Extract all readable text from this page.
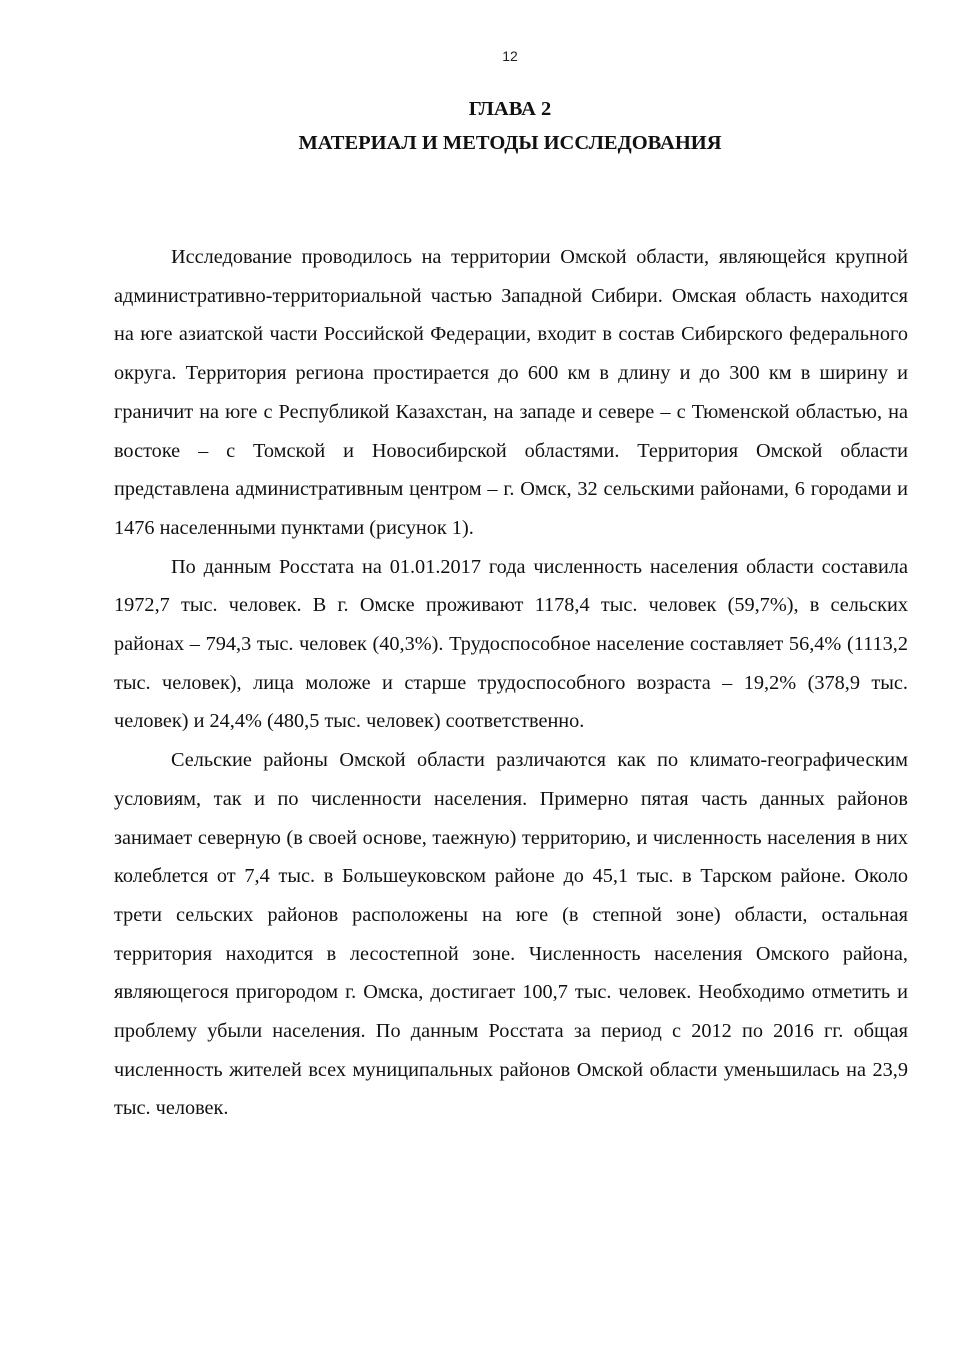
12
ГЛАВА 2
МАТЕРИАЛ И МЕТОДЫ ИССЛЕДОВАНИЯ

Исследование проводилось на территории Омской области, являющейся крупной административно-территориальной частью Западной Сибири. Омская область находится на юге азиатской части Российской Федерации, входит в состав Сибирского федерального округа. Территория региона простирается до 600 км в длину и до 300 км в ширину и граничит на юге с Республикой Казахстан, на западе и севере – с Тюменской областью, на востоке – с Томской и Новосибирской областями. Территория Омской области представлена административным центром – г. Омск, 32 сельскими районами, 6 городами и 1476 населенными пунктами (рисунок 1).

По данным Росстата на 01.01.2017 года численность населения области составила 1972,7 тыс. человек. В г. Омске проживают 1178,4 тыс. человек (59,7%), в сельских районах – 794,3 тыс. человек (40,3%). Трудоспособное население составляет 56,4% (1113,2 тыс. человек), лица моложе и старше трудоспособного возраста – 19,2% (378,9 тыс. человек) и 24,4% (480,5 тыс. человек) соответственно.

Сельские районы Омской области различаются как по климато-географическим условиям, так и по численности населения. Примерно пятая часть данных районов занимает северную (в своей основе, таежную) территорию, и численность населения в них колеблется от 7,4 тыс. в Большеуковском районе до 45,1 тыс. в Тарском районе. Около трети сельских районов расположены на юге (в степной зоне) области, остальная территория находится в лесостепной зоне. Численность населения Омского района, являющегося пригородом г. Омска, достигает 100,7 тыс. человек. Необходимо отметить и проблему убыли населения. По данным Росстата за период с 2012 по 2016 гг. общая численность жителей всех муниципальных районов Омской области уменьшилась на 23,9 тыс. человек.
